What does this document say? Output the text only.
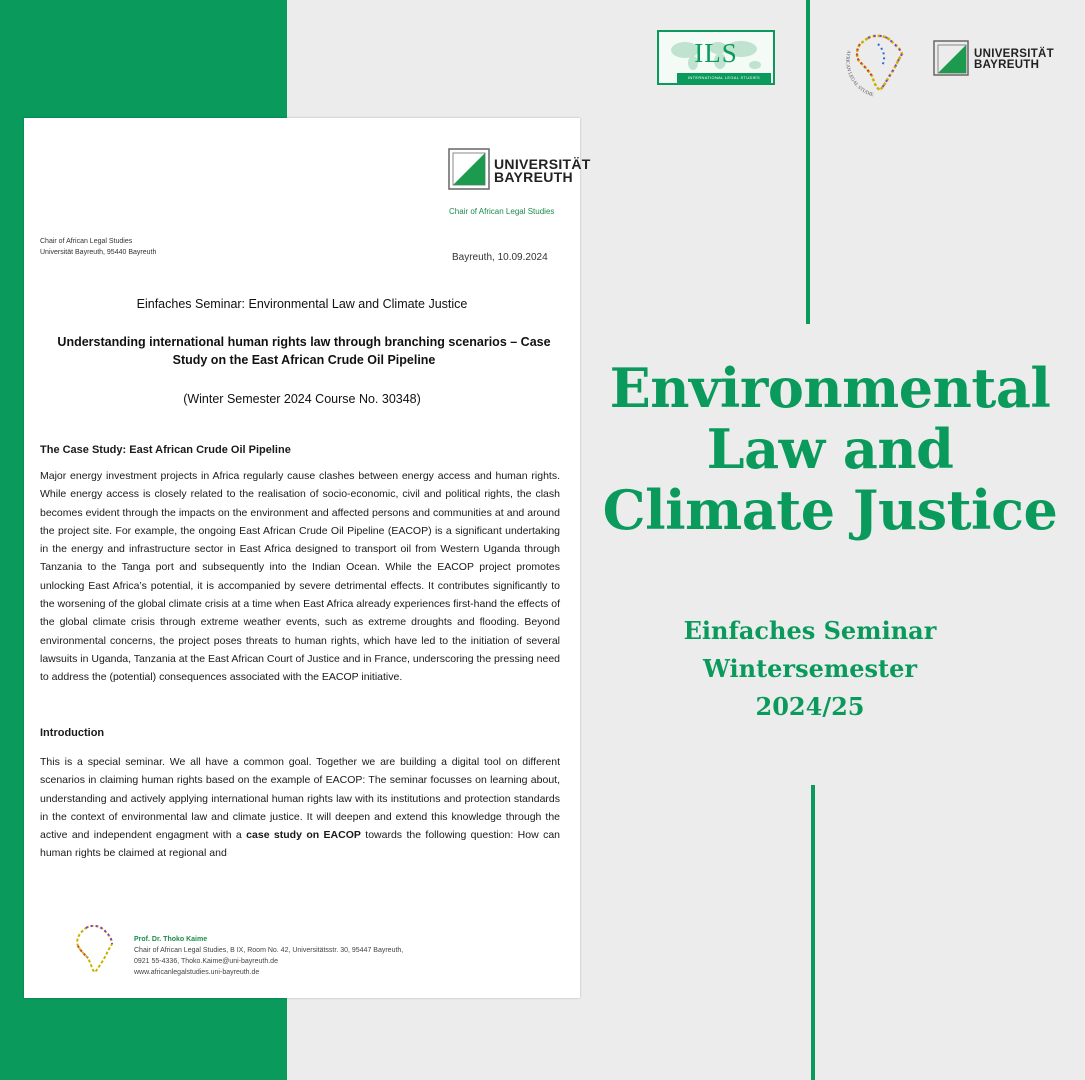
ILS
INTERNATIONAL LEGAL STUDIES
AFRICAN LEGAL STUDIE
UNIVERSITÄT
BAYREUTH
Environmental
Law and
Climate Justice
Einfaches Seminar
Wintersemester
2024/25
UNIVERSITÄT
BAYREUTH
Chair of African Legal Studies
Chair of African Legal Studies
Universität Bayreuth, 95440 Bayreuth	Bayreuth, 10.09.2024
Einfaches Seminar: Environmental Law and Climate Justice
Understanding international human rights law through branching scenarios – Case Study on the East African Crude Oil Pipeline
(Winter Semester 2024 Course No. 30348)
The Case Study: East African Crude Oil Pipeline

Major energy investment projects in Africa regularly cause clashes between energy access and human rights. While energy access is closely related to the realisation of socio-economic, civil and political rights, the clash becomes evident through the impacts on the environment and affected persons and communities at and around the project site. For example, the ongoing East African Crude Oil Pipeline (EACOP) is a significant undertaking in the energy and infrastructure sector in East Africa designed to transport oil from Western Uganda through Tanzania to the Tanga port and subsequently into the Indian Ocean. While the EACOP project promotes unlocking East Africa’s potential, it is accompanied by severe detrimental effects. It contributes significantly to the worsening of the global climate crisis at a time when East Africa already experiences first-hand the effects of the global climate crisis through extreme weather events, such as extreme droughts and flooding. Beyond environmental concerns, the project poses threats to human rights, which have led to the initiation of several lawsuits in Uganda, Tanzania at the East African Court of Justice and in France, underscoring the pressing need to address the (potential) consequences associated with the EACOP initiative.

Introduction

This is a special seminar. We all have a common goal. Together we are building a digital tool on different scenarios in claiming human rights based on the example of EACOP: The seminar focusses on learning about, understanding and actively applying international human rights law with its institutions and protection standards in the context of environmental law and climate justice. It will deepen and extend this knowledge through the active and independent engagment with a case study on EACOP towards the following question: How can human rights be claimed at regional and

Prof. Dr. Thoko Kaime
Chair of African Legal Studies, B IX, Room No. 42, Universitätsstr. 30, 95447 Bayreuth,
0921 55-4336, Thoko.Kaime@uni-bayreuth.de
www.africanlegalstudies.uni-bayreuth.de
